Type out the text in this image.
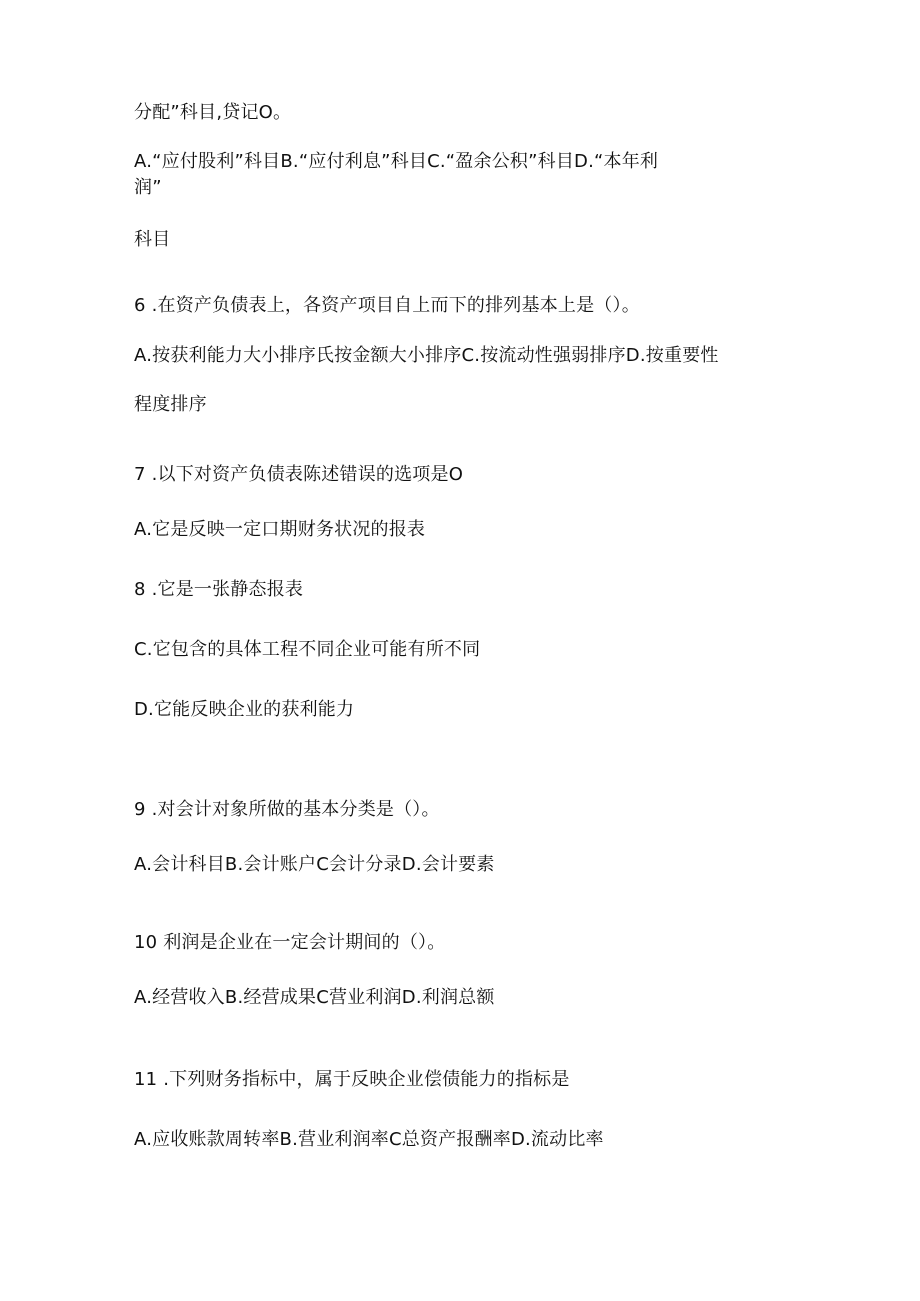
分配”科目,贷记O。
A.“应付股利”科目B.“应付利息”科目C.“盈余公积”科目D.“本年利
润”
科目
6 .在资产负债表上，各资产项目自上而下的排列基本上是（）。
A.按获利能力大小排序氏按金额大小排序C.按流动性强弱排序D.按重要性
程度排序
7 .以下对资产负债表陈述错误的选项是O
A.它是反映一定口期财务状况的报表
8 .它是一张静态报表
C.它包含的具体工程不同企业可能有所不同
D.它能反映企业的获利能力
9 .对会计对象所做的基本分类是（）。
A.会计科目B.会计账户C会计分录D.会计要素
10 利润是企业在一定会计期间的（）。
A.经营收入B.经营成果C营业利润D.利润总额
11 .下列财务指标中，属于反映企业偿债能力的指标是
A.应收账款周转率B.营业利润率C总资产报酬率D.流动比率
